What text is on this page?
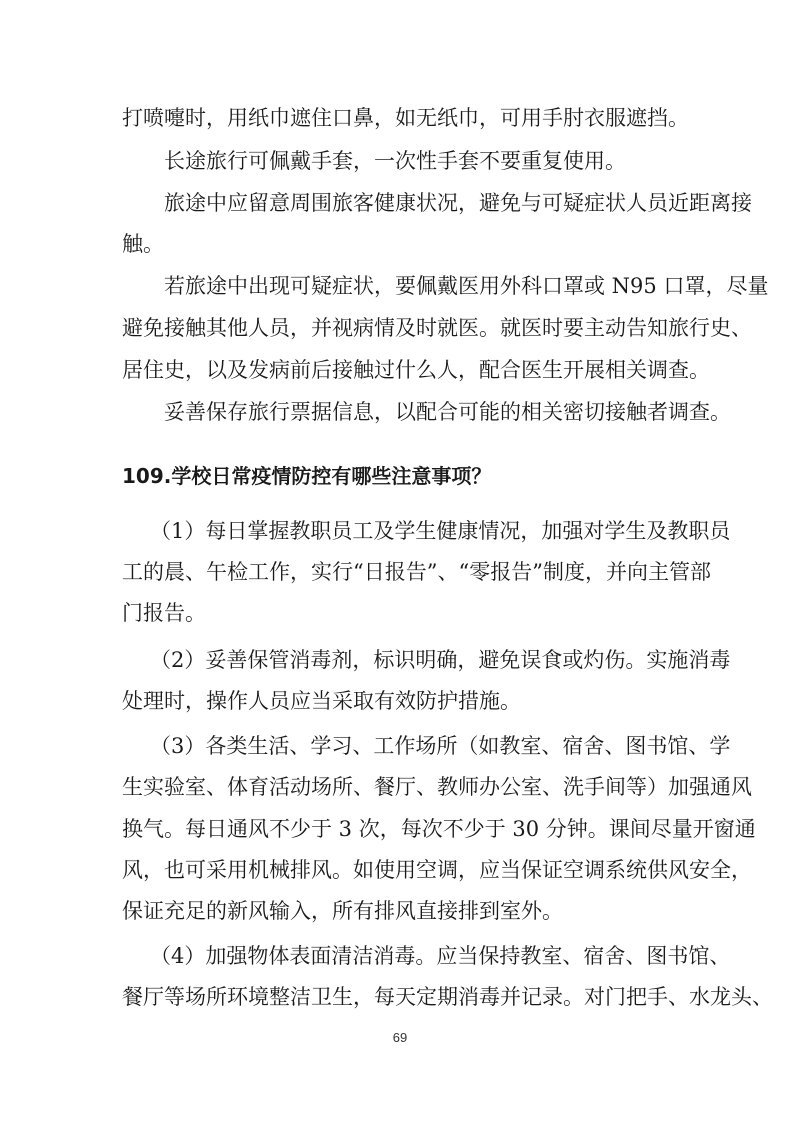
打喷嚏时，用纸巾遮住口鼻，如无纸巾，可用手肘衣服遮挡。
长途旅行可佩戴手套，一次性手套不要重复使用。
旅途中应留意周围旅客健康状况，避免与可疑症状人员近距离接
触。
若旅途中出现可疑症状，要佩戴医用外科口罩或 N95 口罩，尽量
避免接触其他人员，并视病情及时就医。就医时要主动告知旅行史、
居住史，以及发病前后接触过什么人，配合医生开展相关调查。
妥善保存旅行票据信息，以配合可能的相关密切接触者调查。
109.学校日常疫情防控有哪些注意事项？
（1）每日掌握教职员工及学生健康情况，加强对学生及教职员
工的晨、午检工作，实行“日报告”、“零报告”制度，并向主管部
门报告。
（2）妥善保管消毒剂，标识明确，避免误食或灼伤。实施消毒
处理时，操作人员应当采取有效防护措施。
（3）各类生活、学习、工作场所（如教室、宿舍、图书馆、学
生实验室、体育活动场所、餐厅、教师办公室、洗手间等）加强通风
换气。每日通风不少于 3 次，每次不少于 30 分钟。课间尽量开窗通
风，也可采用机械排风。如使用空调，应当保证空调系统供风安全，
保证充足的新风输入，所有排风直接排到室外。
（4）加强物体表面清洁消毒。应当保持教室、宿舍、图书馆、
餐厅等场所环境整洁卫生，每天定期消毒并记录。对门把手、水龙头、
69
